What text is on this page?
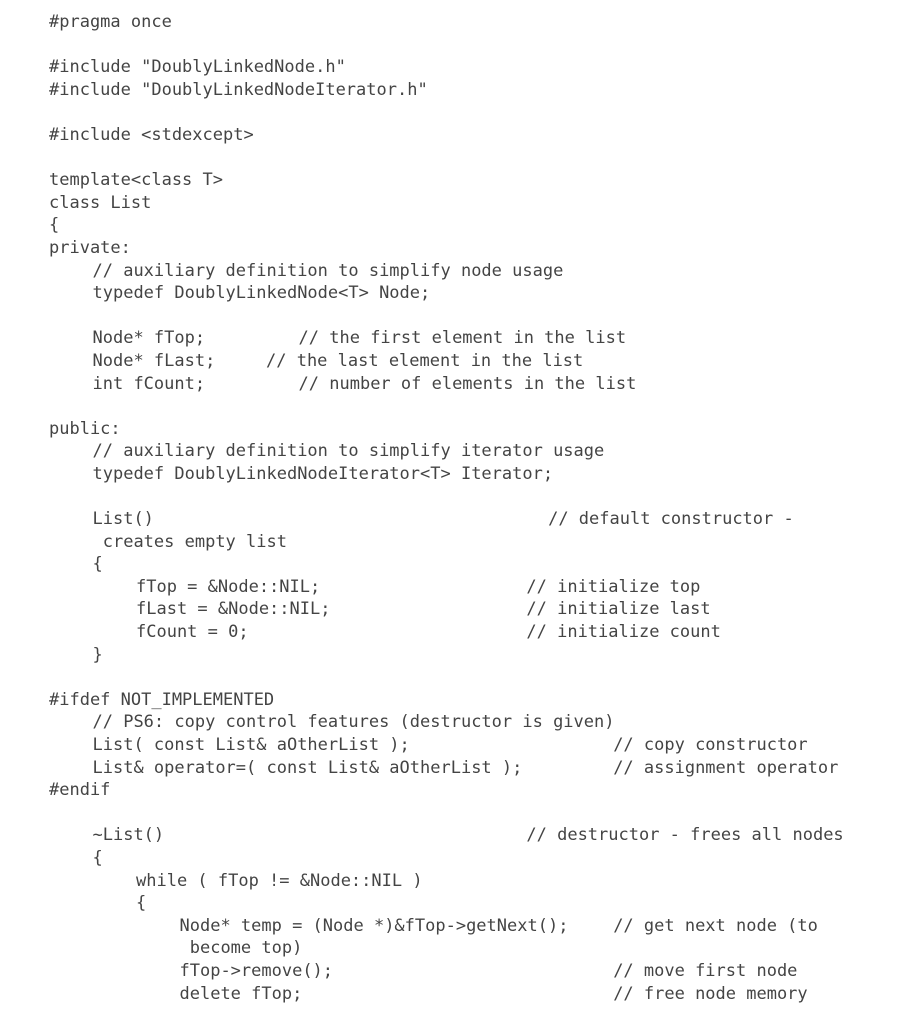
#pragma once
#include "DoublyLinkedNode.h"
#include "DoublyLinkedNodeIterator.h"
#include <stdexcept>
template<class T>
class List
{
private:
// auxiliary definition to simplify node usage
typedef DoublyLinkedNode<T> Node;
Node* fTop;	// the first element in the list
Node* fLast;	// the last element in the list
int fCount;	// number of elements in the list
public:
// auxiliary definition to simplify iterator usage
typedef DoublyLinkedNodeIterator<T> Iterator;
List()	// default constructor -
creates empty list
{
fTop = &Node::NIL;	// initialize top
fLast = &Node::NIL;	// initialize last
fCount = 0;	// initialize count
}
#ifdef NOT_IMPLEMENTED
// PS6: copy control features (destructor is given)
List( const List& aOtherList );	// copy constructor
List& operator=( const List& aOtherList );	// assignment operator
#endif
~List()	// destructor - frees all nodes
{
while ( fTop != &Node::NIL )
{
Node* temp = (Node *)&fTop->getNext();	// get next node (to
become top)
fTop->remove();	// move first node
delete fTop;	// free node memory
